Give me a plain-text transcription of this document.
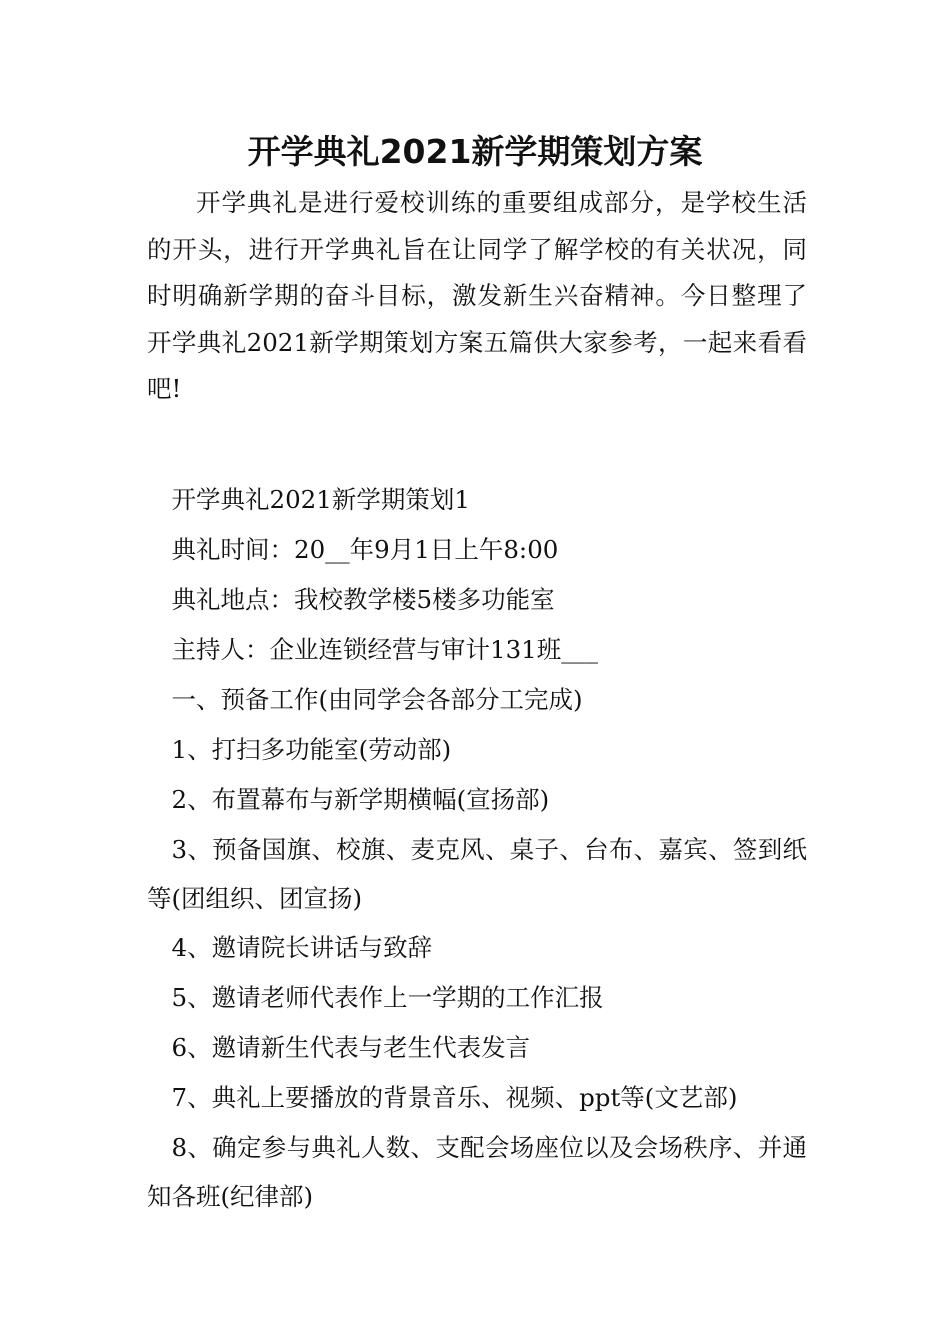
开学典礼2021新学期策划方案

开学典礼是进行爱校训练的重要组成部分，是学校生活的开头，进行开学典礼旨在让同学了解学校的有关状况，同时明确新学期的奋斗目标，激发新生兴奋精神。今日整理了开学典礼2021新学期策划方案五篇供大家参考，一起来看看吧!

开学典礼2021新学期策划1

典礼时间：20__年9月1日上午8:00

典礼地点：我校教学楼5楼多功能室

主持人：企业连锁经营与审计131班___

一、预备工作(由同学会各部分工完成)

1、打扫多功能室(劳动部)

2、布置幕布与新学期横幅(宣扬部)

3、预备国旗、校旗、麦克风、桌子、台布、嘉宾、签到纸等(团组织、团宣扬)

4、邀请院长讲话与致辞

5、邀请老师代表作上一学期的工作汇报

6、邀请新生代表与老生代表发言

7、典礼上要播放的背景音乐、视频、ppt等(文艺部)

8、确定参与典礼人数、支配会场座位以及会场秩序、并通知各班(纪律部)
